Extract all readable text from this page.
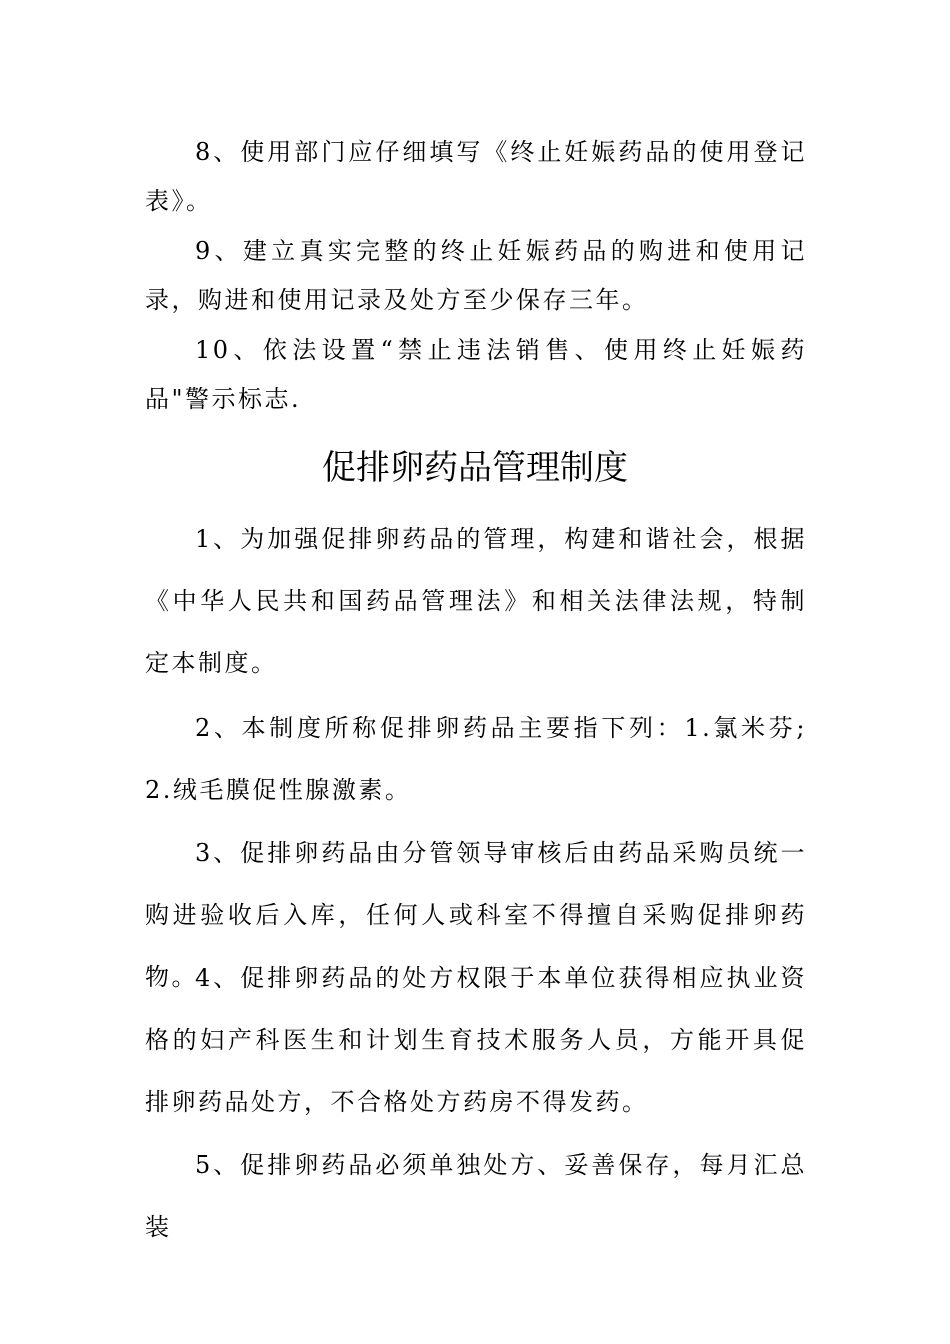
8、使用部门应仔细填写《终止妊娠药品的使用登记表》。

9、建立真实完整的终止妊娠药品的购进和使用记录，购进和使用记录及处方至少保存三年。

10、依法设置“禁止违法销售、使用终止妊娠药品"警示标志.

促排卵药品管理制度

1、为加强促排卵药品的管理，构建和谐社会，根据《中华人民共和国药品管理法》和相关法律法规，特制定本制度。

2、本制度所称促排卵药品主要指下列：1.氯米芬;2.绒毛膜促性腺激素。

3、促排卵药品由分管领导审核后由药品采购员统一购进验收后入库，任何人或科室不得擅自采购促排卵药物。

4、促排卵药品的处方权限于本单位获得相应执业资格的妇产科医生和计划生育技术服务人员，方能开具促排卵药品处方，不合格处方药房不得发药。

5、促排卵药品必须单独处方、妥善保存，每月汇总装
